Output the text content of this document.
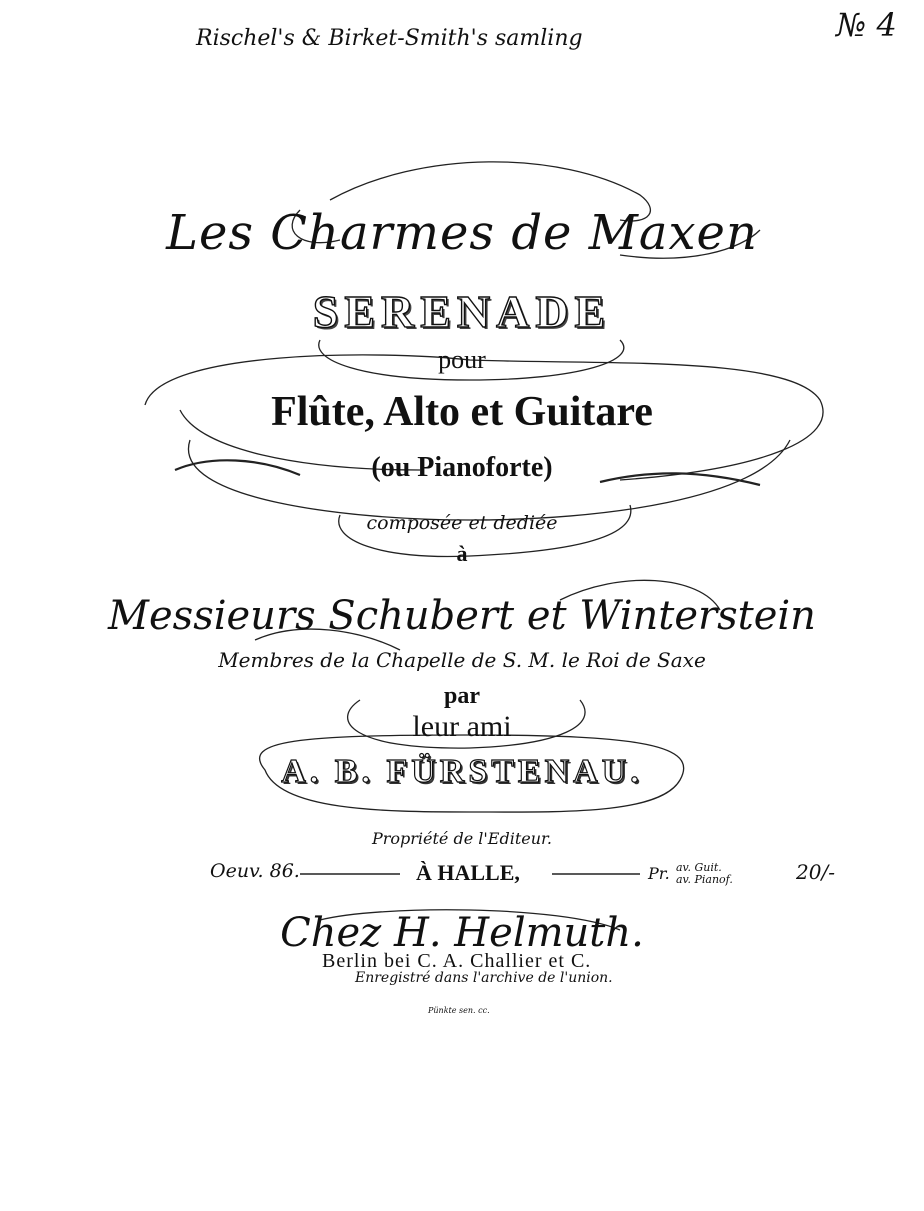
Rischel's & Birket-Smith's samling	№ 4
Les Charmes de Maxen
SERENADE
pour
Flûte, Alto et Guitare
(ou Pianoforte)
composée et dediée
à
Messieurs Schubert et Winterstein
Membres de la Chapelle de S. M. le Roi de Saxe
par
leur ami
A. B. FÜRSTENAU.
Propriété de l'Editeur.
Oeuv. 86.	À HALLE,	Pr. av. Guit.
av. Pianof.	20/-
Chez H. Helmuth.
Berlin bei C. A. Challier et C.
Enregistré dans l'archive de l'union.
Pünkte sen. cc.
